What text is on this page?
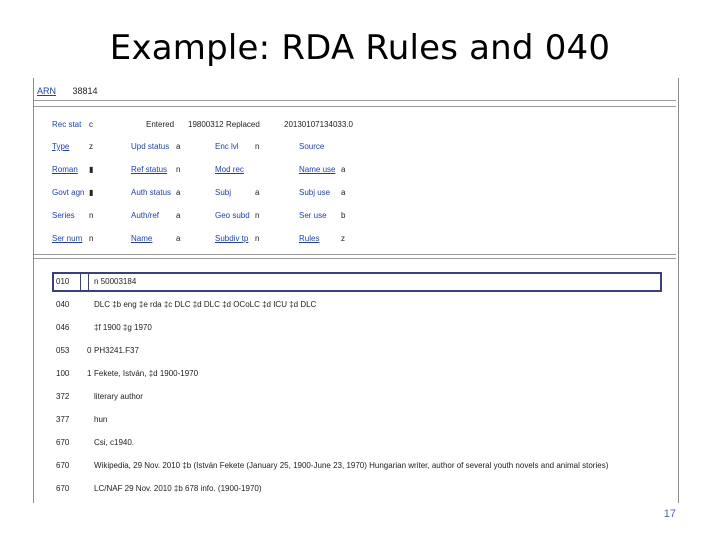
Example: RDA Rules and 040
ARN 38814
Rec stat c	Entered 19800312 Replaced	20130107134033.0
Type z	Upd status a	Enc lvl n	Source
Roman ▮	Ref status n	Mod rec	Name use a
Govt agn ▮	Auth status a	Subj	a	Subj use a
Series n	Auth/ref a	Geo subd n	Ser use b
Ser num n	Name	a	Subdiv tp n	Rules	z
010	n 50003184
040	DLC ‡b eng ‡e rda ‡c DLC ‡d DLC ‡d OCoLC ‡d ICU ‡d DLC
046	‡f 1900 ‡g 1970
053 0 PH3241.F37
100 1 Fekete, István, ‡d 1900-1970
372	literary author
377	hun
670	Csi, c1940.
670	Wikipedia, 29 Nov. 2010 ‡b (István Fekete (January 25, 1900-June 23, 1970) Hungarian writer, author of several youth novels and animal stories)
670	LC/NAF 29 Nov. 2010 ‡b 678 info. (1900-1970)
17
